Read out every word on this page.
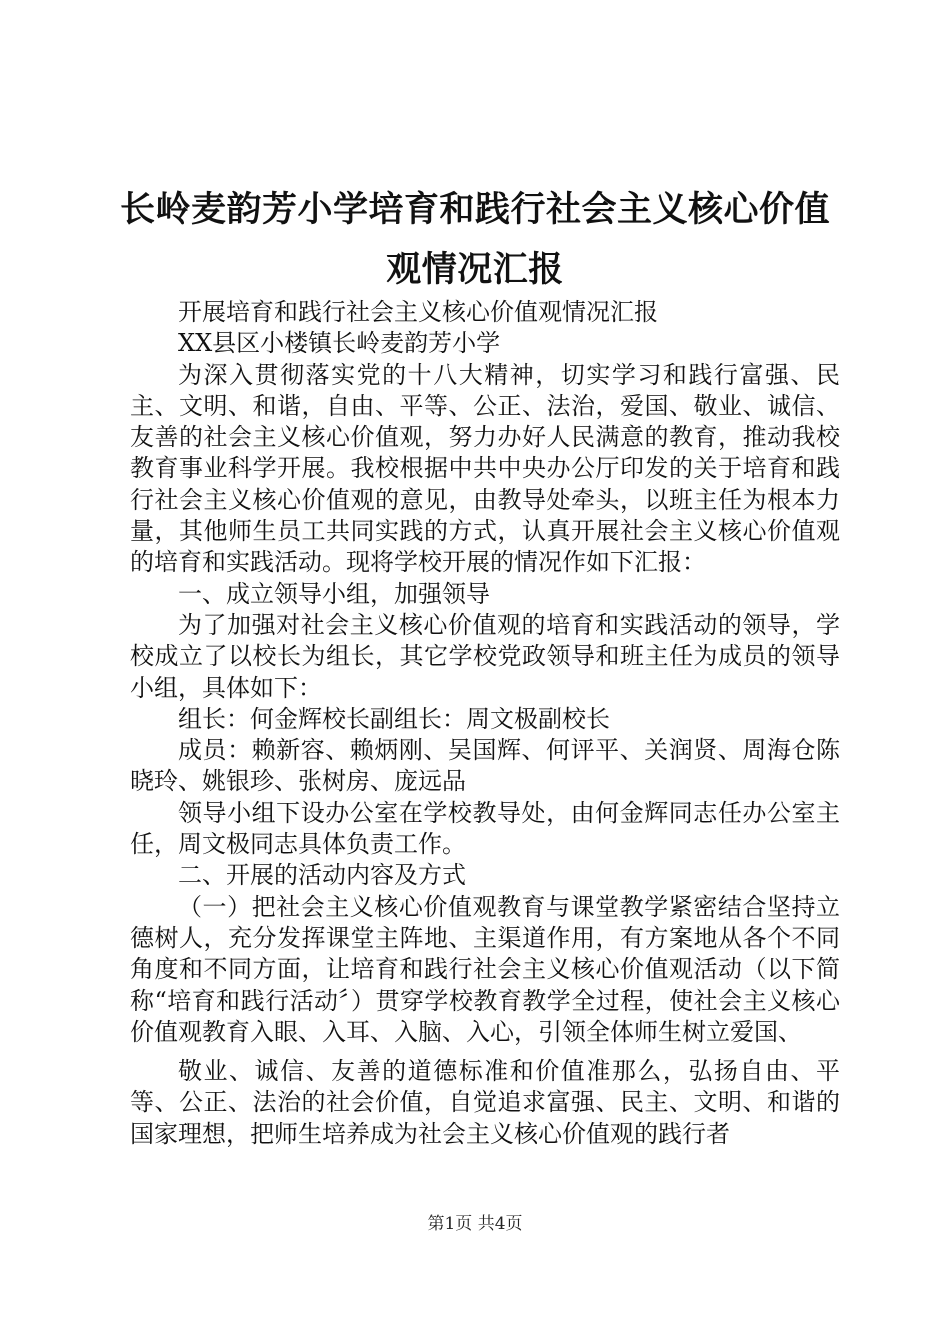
长岭麦韵芳小学培育和践行社会主义核心价值
观情况汇报

开展培育和践行社会主义核心价值观情况汇报

XX县区小楼镇长岭麦韵芳小学

为深入贯彻落实党的十八大精神，切实学习和践行富强、民主、文明、和谐，自由、平等、公正、法治，爱国、敬业、诚信、友善的社会主义核心价值观，努力办好人民满意的教育，推动我校教育事业科学开展。我校根据中共中央办公厅印发的关于培育和践行社会主义核心价值观的意见，由教导处牵头，以班主任为根本力量，其他师生员工共同实践的方式，认真开展社会主义核心价值观的培育和实践活动。现将学校开展的情况作如下汇报：

一、成立领导小组，加强领导

为了加强对社会主义核心价值观的培育和实践活动的领导，学校成立了以校长为组长，其它学校党政领导和班主任为成员的领导小组，具体如下：

组长：何金辉校长副组长：周文极副校长

成员：赖新容、赖炳刚、吴国辉、何评平、关润贤、周海仓陈晓玲、姚银珍、张树房、庞远品

领导小组下设办公室在学校教导处，由何金辉同志任办公室主任，周文极同志具体负责工作。

二、开展的活动内容及方式

（一）把社会主义核心价值观教育与课堂教学紧密结合坚持立德树人，充分发挥课堂主阵地、主渠道作用，有方案地从各个不同角度和不同方面，让培育和践行社会主义核心价值观活动（以下简称“培育和践行活动〞）贯穿学校教育教学全过程，使社会主义核心价值观教育入眼、入耳、入脑、入心，引领全体师生树立爱国、

敬业、诚信、友善的道德标准和价值准那么，弘扬自由、平等、公正、法治的社会价值，自觉追求富强、民主、文明、和谐的国家理想，把师生培养成为社会主义核心价值观的践行者

第1页 共4页
